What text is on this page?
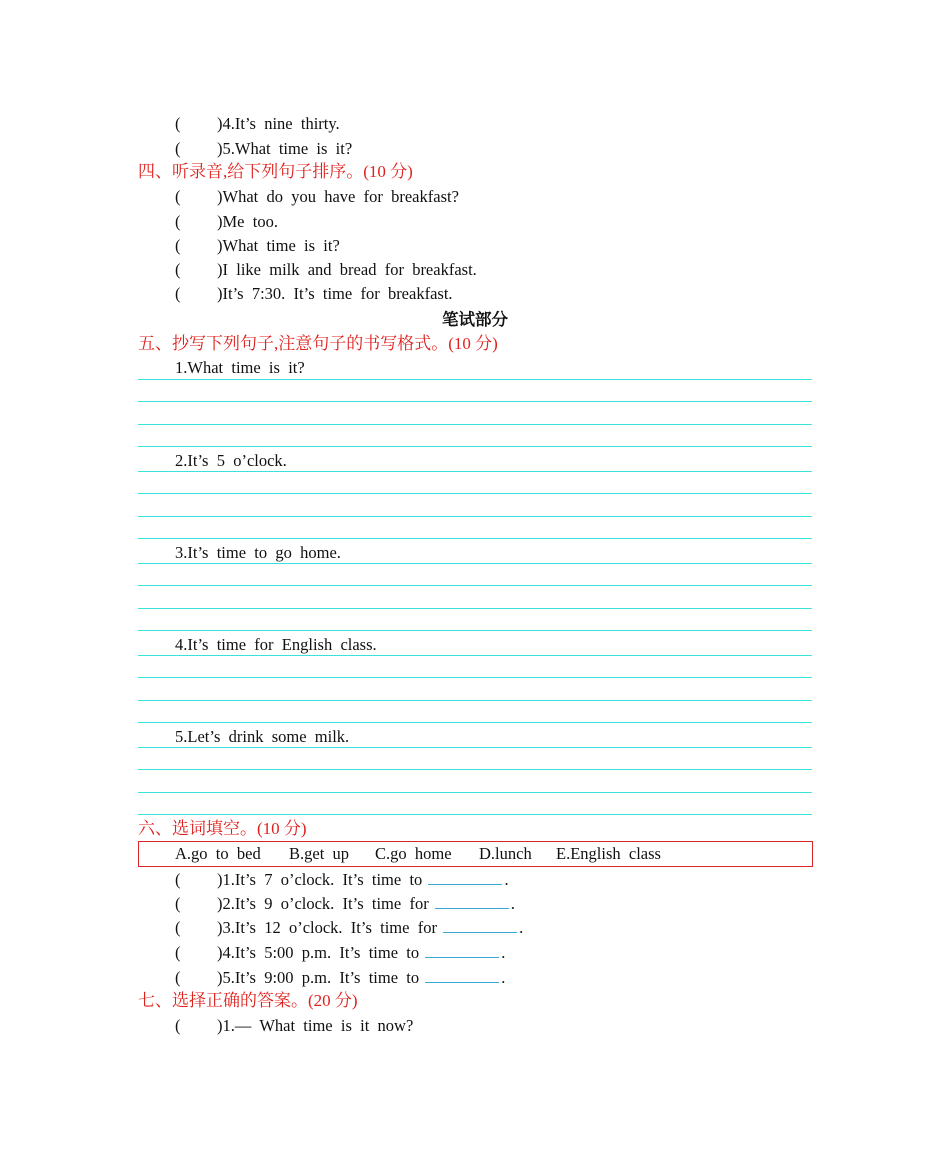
( )4.It’s  nine  thirty.
( )5.What  time  is  it?
四、听录音,给下列句子排序。(10 分)
( )What  do  you  have  for  breakfast?
( )Me  too.
( )What  time  is  it?
( )I  like  milk  and  bread  for  breakfast.
( )It’s  7:30.  It’s  time  for  breakfast.
笔试部分
五、抄写下列句子,注意句子的书写格式。(10 分)
1.What  time  is  it?
2.It’s  5  o’clock.
3.It’s  time  to  go  home.
4.It’s  time  for  English  class.
5.Let’s  drink  some  milk.
六、选词填空。(10 分)
A.go  to  bed B.get  up C.go  home D.lunch E.English  class
( )1.It’s  7  o’clock.  It’s  time  to	.
( )2.It’s  9  o’clock.  It’s  time  for	.
( )3.It’s  12  o’clock.  It’s  time  for	.
( )4.It’s  5:00  p.m.  It’s  time  to	.
( )5.It’s  9:00  p.m.  It’s  time  to	.
七、选择正确的答案。(20 分)
( )1.—  What  time  is  it  now?
